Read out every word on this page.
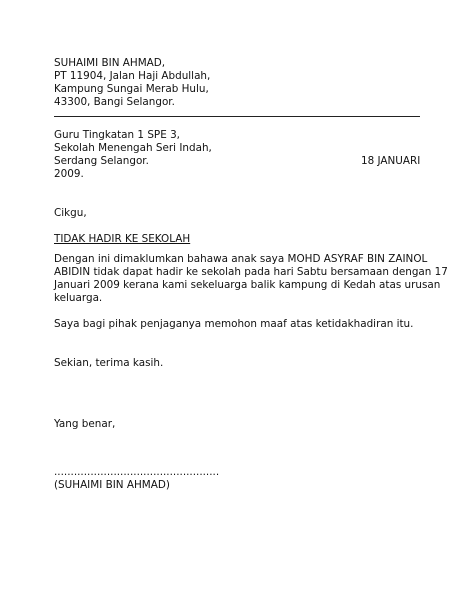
SUHAIMI BIN AHMAD,
PT 11904, Jalan Haji Abdullah,
Kampung Sungai Merab Hulu,
43300, Bangi Selangor.
Guru Tingkatan 1 SPE 3,
Sekolah Menengah Seri Indah,
Serdang Selangor.	18 JANUARI
2009.
Cikgu,
TIDAK HADIR KE SEKOLAH
Dengan ini dimaklumkan bahawa anak saya MOHD ASYRAF BIN ZAINOL
ABIDIN tidak dapat hadir ke sekolah pada hari Sabtu bersamaan dengan 17
Januari 2009 kerana kami sekeluarga balik kampung di Kedah atas urusan
keluarga.
Saya bagi pihak penjaganya memohon maaf atas ketidakhadiran itu.
Sekian, terima kasih.
Yang benar,
..................................................
(SUHAIMI BIN AHMAD)
